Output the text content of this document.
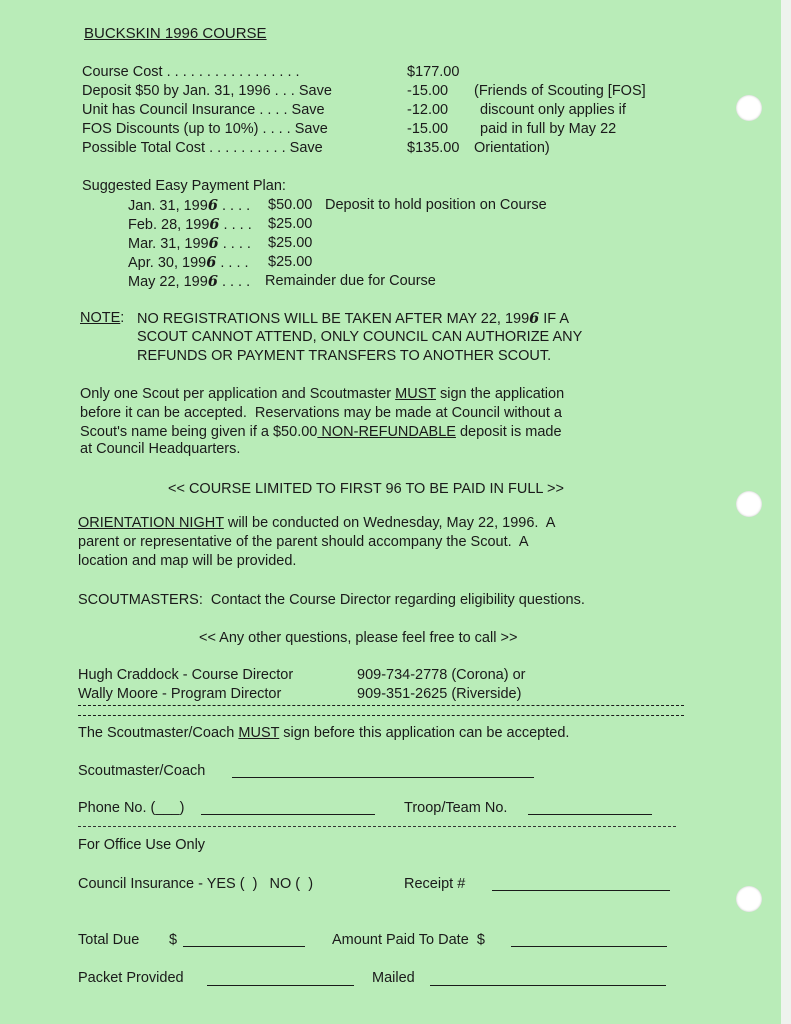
BUCKSKIN 1996 COURSE
Course Cost . . . . . . . . . . . . . . . . .	$177.00
Deposit $50 by Jan. 31, 1996 . . . Save	-15.00 (Friends of Scouting [FOS]
Unit has Council Insurance . . . . Save	-12.00 discount only applies if
FOS Discounts (up to 10%) . . . . Save	-15.00 paid in full by May 22
Possible Total Cost . . . . . . . . . . Save	$135.00 Orientation)
Suggested Easy Payment Plan:
Jan. 31, 1996 . . . . $50.00 Deposit to hold position on Course
Feb. 28, 1996 . . . . $25.00
Mar. 31, 1996 . . . . $25.00
Apr. 30, 1996 . . . . $25.00
May 22, 1996 . . . . Remainder due for Course
NOTE: NO REGISTRATIONS WILL BE TAKEN AFTER MAY 22, 1996 IF A
SCOUT CANNOT ATTEND, ONLY COUNCIL CAN AUTHORIZE ANY
REFUNDS OR PAYMENT TRANSFERS TO ANOTHER SCOUT.
Only one Scout per application and Scoutmaster MUST sign the application
before it can be accepted.  Reservations may be made at Council without a
Scout's name being given if a $50.00 NON-REFUNDABLE deposit is made
at Council Headquarters.
<< COURSE LIMITED TO FIRST 96 TO BE PAID IN FULL >>
ORIENTATION NIGHT will be conducted on Wednesday, May 22, 1996.  A
parent or representative of the parent should accompany the Scout.  A
location and map will be provided.
SCOUTMASTERS:  Contact the Course Director regarding eligibility questions.
<< Any other questions, please feel free to call >>
Hugh Craddock - Course Director	909-734-2778 (Corona) or
Wally Moore - Program Director	909-351-2625 (Riverside)
The Scoutmaster/Coach MUST sign before this application can be accepted.
Scoutmaster/Coach
Phone No. (___)	Troop/Team No.
For Office Use Only
Council Insurance - YES (  )   NO (  )	Receipt #
Total Due $	Amount Paid To Date  $
Packet Provided	Mailed
